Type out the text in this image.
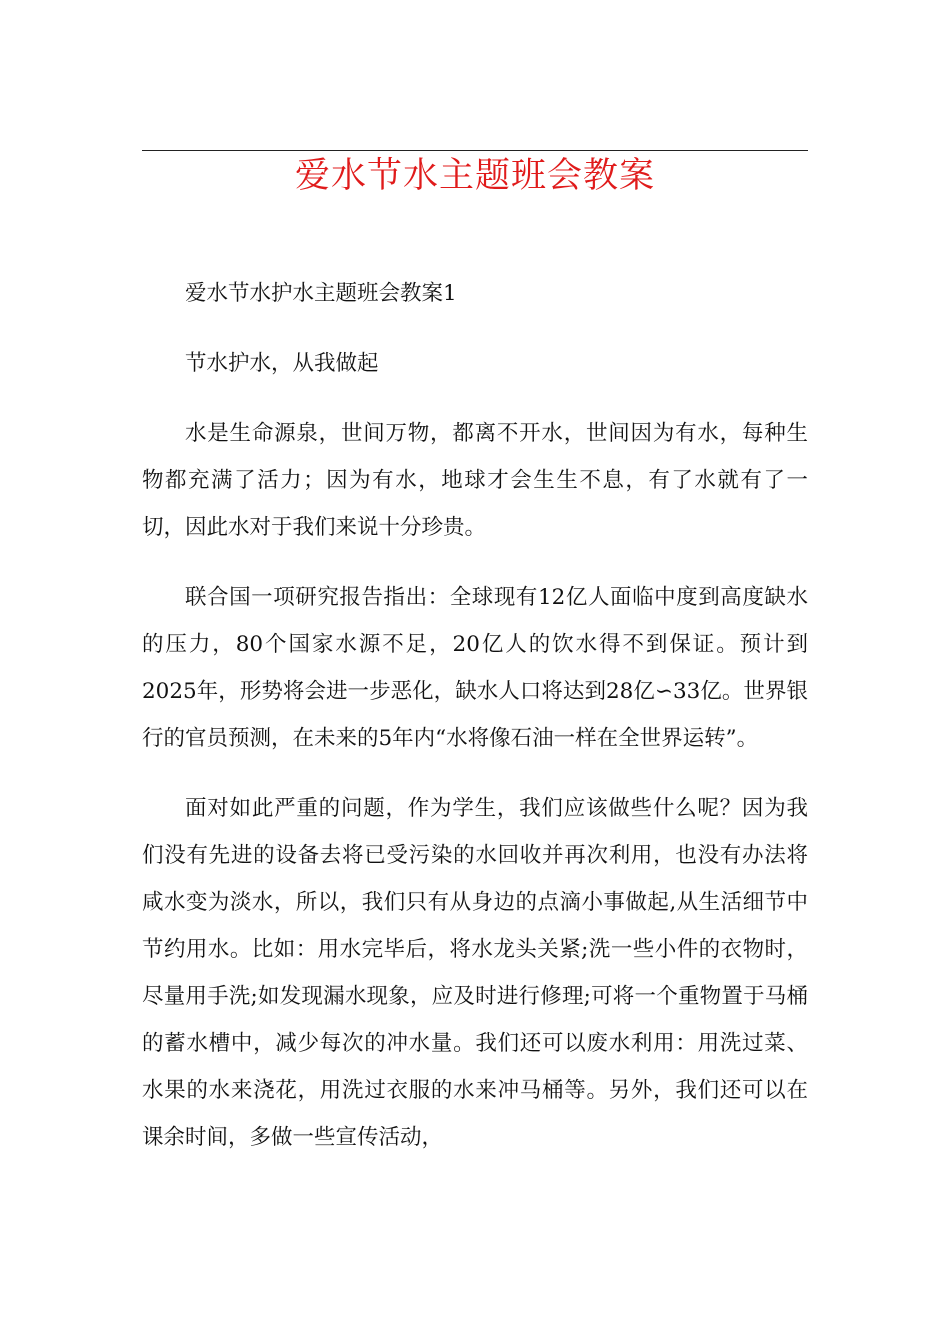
爱水节水主题班会教案

爱水节水护水主题班会教案1

节水护水，从我做起

水是生命源泉，世间万物，都离不开水，世间因为有水，每种生物都充满了活力；因为有水，地球才会生生不息，有了水就有了一切，因此水对于我们来说十分珍贵。

联合国一项研究报告指出：全球现有12亿人面临中度到高度缺水的压力，80个国家水源不足，20亿人的饮水得不到保证。预计到2025年，形势将会进一步恶化，缺水人口将达到28亿∽33亿。世界银行的官员预测，在未来的5年内“水将像石油一样在全世界运转”。

面对如此严重的问题，作为学生，我们应该做些什么呢？因为我们没有先进的设备去将已受污染的水回收并再次利用，也没有办法将咸水变为淡水，所以，我们只有从身边的点滴小事做起,从生活细节中节约用水。比如：用水完毕后，将水龙头关紧;洗一些小件的衣物时，尽量用手洗;如发现漏水现象，应及时进行修理;可将一个重物置于马桶的蓄水槽中，减少每次的冲水量。我们还可以废水利用：用洗过菜、水果的水来浇花，用洗过衣服的水来冲马桶等。另外，我们还可以在课余时间，多做一些宣传活动，
